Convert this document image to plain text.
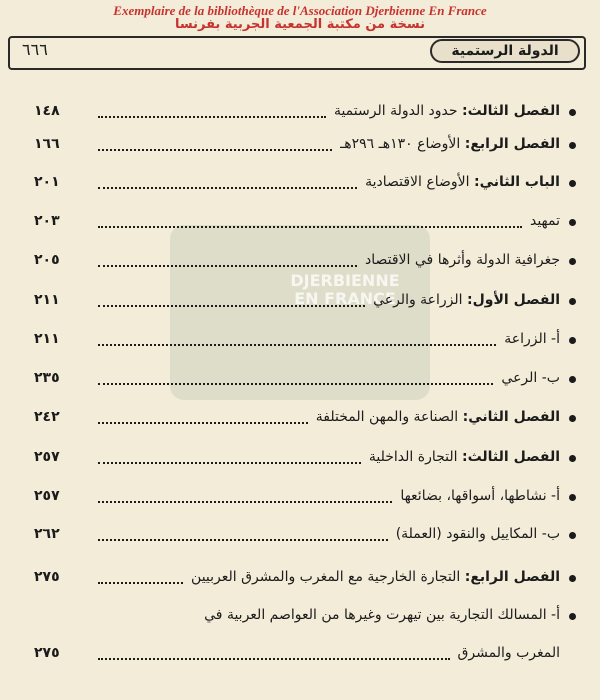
Exemplaire de la bibliothèque de l'Association Djerbienne En France
نسخة من مكتبة الجمعية الجربية بفرنسا
٦٦٦	الدولة الرستمية
DJERBIENNE
EN FRANCE
الفصل الثالث: حدود الدولة الرستمية
١٤٨
الفصل الرابع: الأوضاع ١٣٠هـ ٢٩٦هـ
١٦٦
الباب الثاني: الأوضاع الاقتصادية
٢٠١
تمهيد
٢٠٣
جغرافية الدولة وأثرها في الاقتصاد
٢٠٥
الفصل الأول: الزراعة والرعي
٢١١
أ- الزراعة
٢١١
ب- الرعي
٢٣٥
الفصل الثاني: الصناعة والمهن المختلفة
٢٤٢
الفصل الثالث: التجارة الداخلية
٢٥٧
أ- نشاطها، أسواقها، بضائعها
٢٥٧
ب- المكاييل والنقود (العملة)
٢٦٢
الفصل الرابع: التجارة الخارجية مع المغرب والمشرق العربيين
٢٧٥
أ- المسالك التجارية بين تيهرت وغيرها من العواصم العربية في
المغرب والمشرق
٢٧٥
